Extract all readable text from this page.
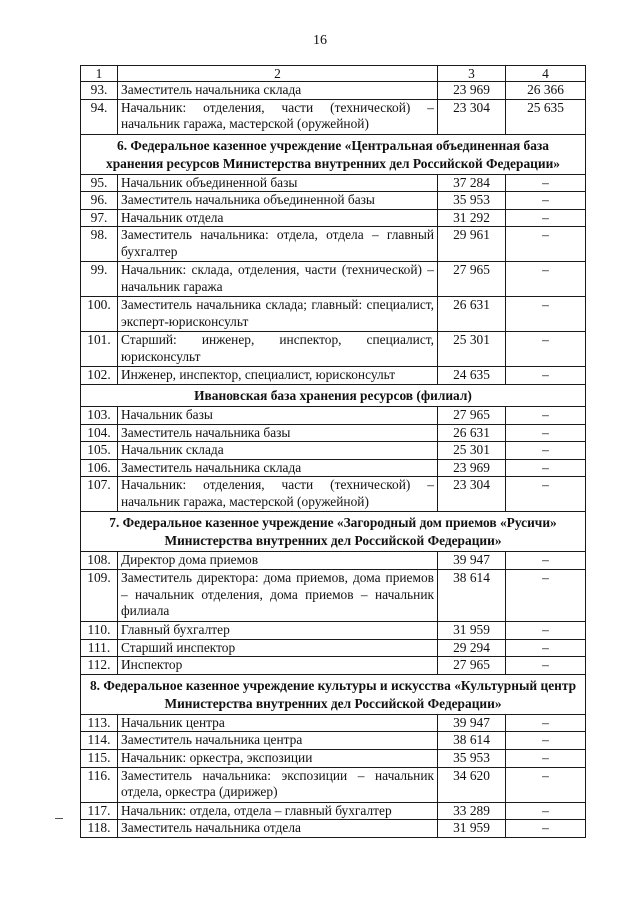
16
1	2	3	4
93.	Заместитель начальника склада	23 969	26 366
94.	Начальник: отделения, части (технической) – начальник гаража, мастерской (оружейной)	23 304	25 635
6. Федеральное казенное учреждение «Центральная объединенная база хранения ресурсов Министерства внутренних дел Российской Федерации»			
95.	Начальник объединенной базы	37 284	–
96.	Заместитель начальника объединенной базы	35 953	–
97.	Начальник отдела	31 292	–
98.	Заместитель начальника: отдела, отдела – главный бухгалтер	29 961	–
99.	Начальник: склада, отделения, части (технической) – начальник гаража	27 965	–
100.	Заместитель начальника склада; главный: специалист, эксперт-юрисконсульт	26 631	–
101.	Старший: инженер, инспектор, специалист, юрисконсульт	25 301	–
102.	Инженер, инспектор, специалист, юрисконсульт	24 635	–
Ивановская база хранения ресурсов (филиал)			
103.	Начальник базы	27 965	–
104.	Заместитель начальника базы	26 631	–
105.	Начальник склада	25 301	–
106.	Заместитель начальника склада	23 969	–
107.	Начальник: отделения, части (технической) – начальник гаража, мастерской (оружейной)	23 304	–
7. Федеральное казенное учреждение «Загородный дом приемов «Русичи» Министерства внутренних дел Российской Федерации»			
108.	Директор дома приемов	39 947	–
109.	Заместитель директора: дома приемов, дома приемов – начальник отделения, дома приемов – начальник филиала	38 614	–
110.	Главный бухгалтер	31 959	–
111.	Старший инспектор	29 294	–
112.	Инспектор	27 965	–
8. Федеральное казенное учреждение культуры и искусства «Культурный центр Министерства внутренних дел Российской Федерации»			
113.	Начальник центра	39 947	–
114.	Заместитель начальника центра	38 614	–
115.	Начальник: оркестра, экспозиции	35 953	–
116.	Заместитель начальника: экспозиции – начальник отдела, оркестра (дирижер)	34 620	–
117.	Начальник: отдела, отдела – главный бухгалтер	33 289	–
118.	Заместитель начальника отдела	31 959	–
